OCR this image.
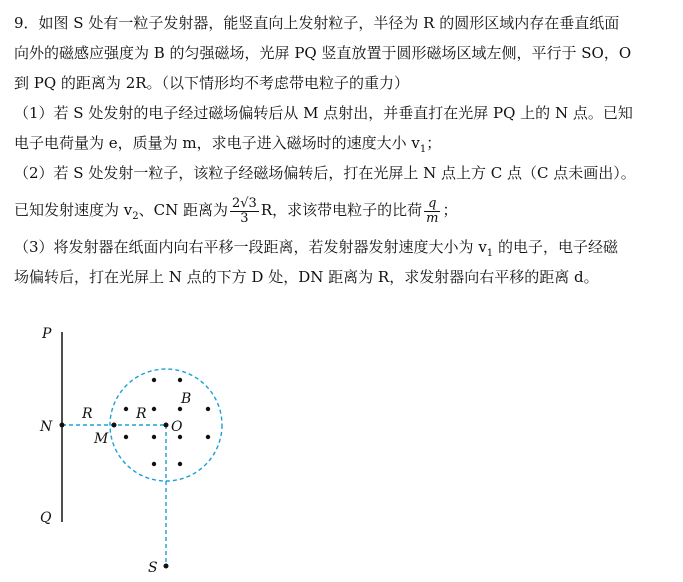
9．如图 S 处有一粒子发射器，能竖直向上发射粒子，半径为 R 的圆形区域内存在垂直纸面
向外的磁感应强度为 B 的匀强磁场，光屏 PQ 竖直放置于圆形磁场区域左侧，平行于 SO，O
到 PQ 的距离为 2R。（以下情形均不考虑带电粒子的重力）
（1）若 S 处发射的电子经过磁场偏转后从 M 点射出，并垂直打在光屏 PQ 上的 N 点。已知
电子电荷量为 e，质量为 m，求电子进入磁场时的速度大小 $v_1$；
（2）若 S 处发射一粒子，该粒子经磁场偏转后，打在光屏上 N 点上方 C 点（C 点未画出）。
已知发射速度为 $v_2$、CN 距离为 $\frac{2√3}{3}$ R，求该带电粒子的比荷 $\frac{q}{m}$ ；
（3）将发射器在纸面内向右平移一段距离，若发射器发射速度大小为 $v_1$ 的电子，电子经磁
场偏转后，打在光屏上 N 点的下方 D 处，DN 距离为 R，求发射器向右平移的距离 d。
P
N
Q
R
M
R
O
B
S
